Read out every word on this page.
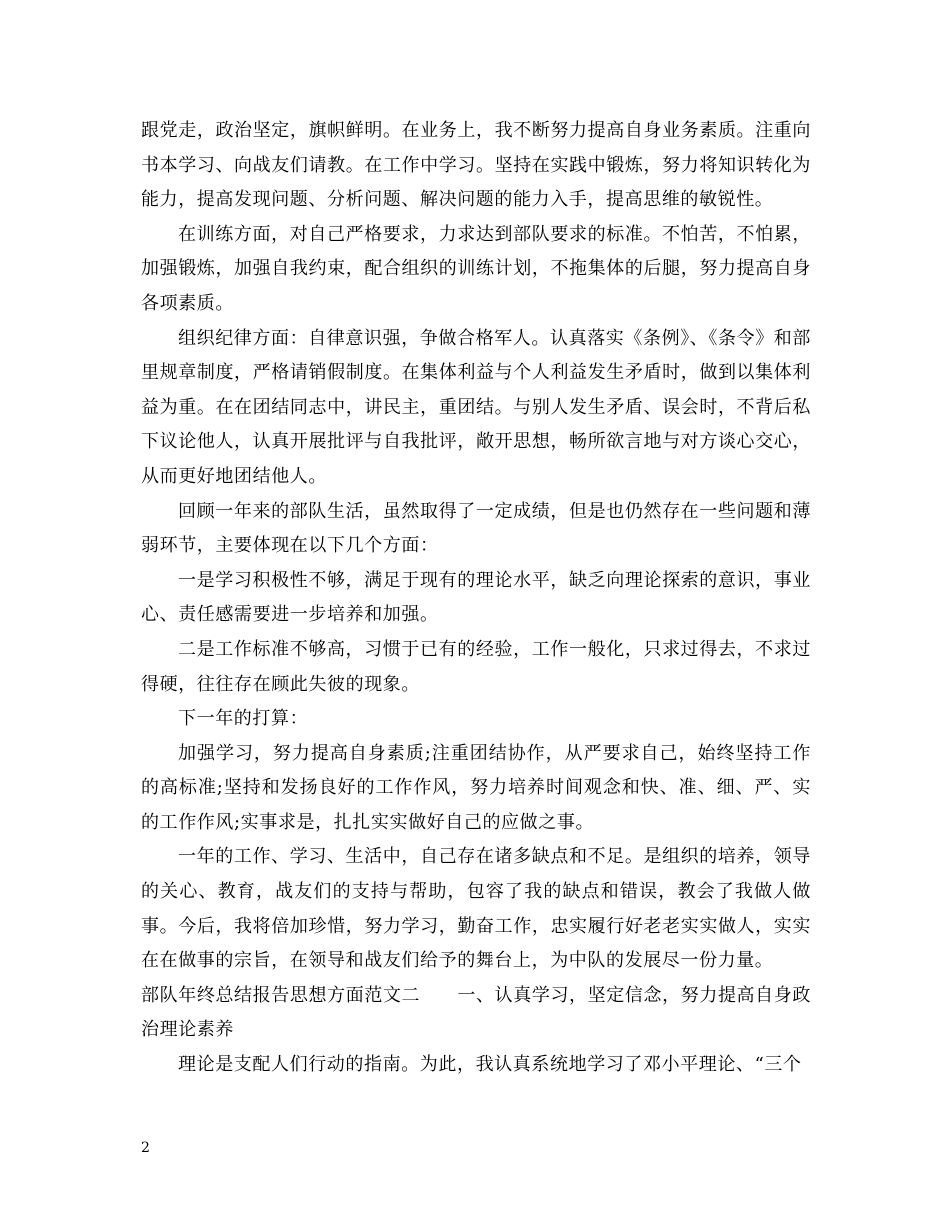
跟党走，政治坚定，旗帜鲜明。在业务上，我不断努力提高自身业务素质。注重向书本学习、向战友们请教。在工作中学习。坚持在实践中锻炼，努力将知识转化为能力，提高发现问题、分析问题、解决问题的能力入手，提高思维的敏锐性。

在训练方面，对自己严格要求，力求达到部队要求的标准。不怕苦，不怕累，加强锻炼，加强自我约束，配合组织的训练计划，不拖集体的后腿，努力提高自身各项素质。

组织纪律方面：自律意识强，争做合格军人。认真落实《条例》、《条令》和部里规章制度，严格请销假制度。在集体利益与个人利益发生矛盾时，做到以集体利益为重。在在团结同志中，讲民主，重团结。与别人发生矛盾、误会时，不背后私下议论他人，认真开展批评与自我批评，敞开思想，畅所欲言地与对方谈心交心，从而更好地团结他人。

回顾一年来的部队生活，虽然取得了一定成绩，但是也仍然存在一些问题和薄弱环节，主要体现在以下几个方面：

一是学习积极性不够，满足于现有的理论水平，缺乏向理论探索的意识，事业心、责任感需要进一步培养和加强。

二是工作标准不够高，习惯于已有的经验，工作一般化，只求过得去，不求过得硬，往往存在顾此失彼的现象。

下一年的打算：

加强学习，努力提高自身素质;注重团结协作，从严要求自己，始终坚持工作的高标准;坚持和发扬良好的工作作风，努力培养时间观念和快、准、细、严、实的工作作风;实事求是，扎扎实实做好自己的应做之事。

一年的工作、学习、生活中，自己存在诸多缺点和不足。是组织的培养，领导的关心、教育，战友们的支持与帮助，包容了我的缺点和错误，教会了我做人做事。今后，我将倍加珍惜，努力学习，勤奋工作，忠实履行好老老实实做人，实实在在做事的宗旨，在领导和战友们给予的舞台上，为中队的发展尽一份力量。

部队年终总结报告思想方面范文二　　一、认真学习，坚定信念，努力提高自身政治理论素养

理论是支配人们行动的指南。为此，我认真系统地学习了邓小平理论、“三个

2
